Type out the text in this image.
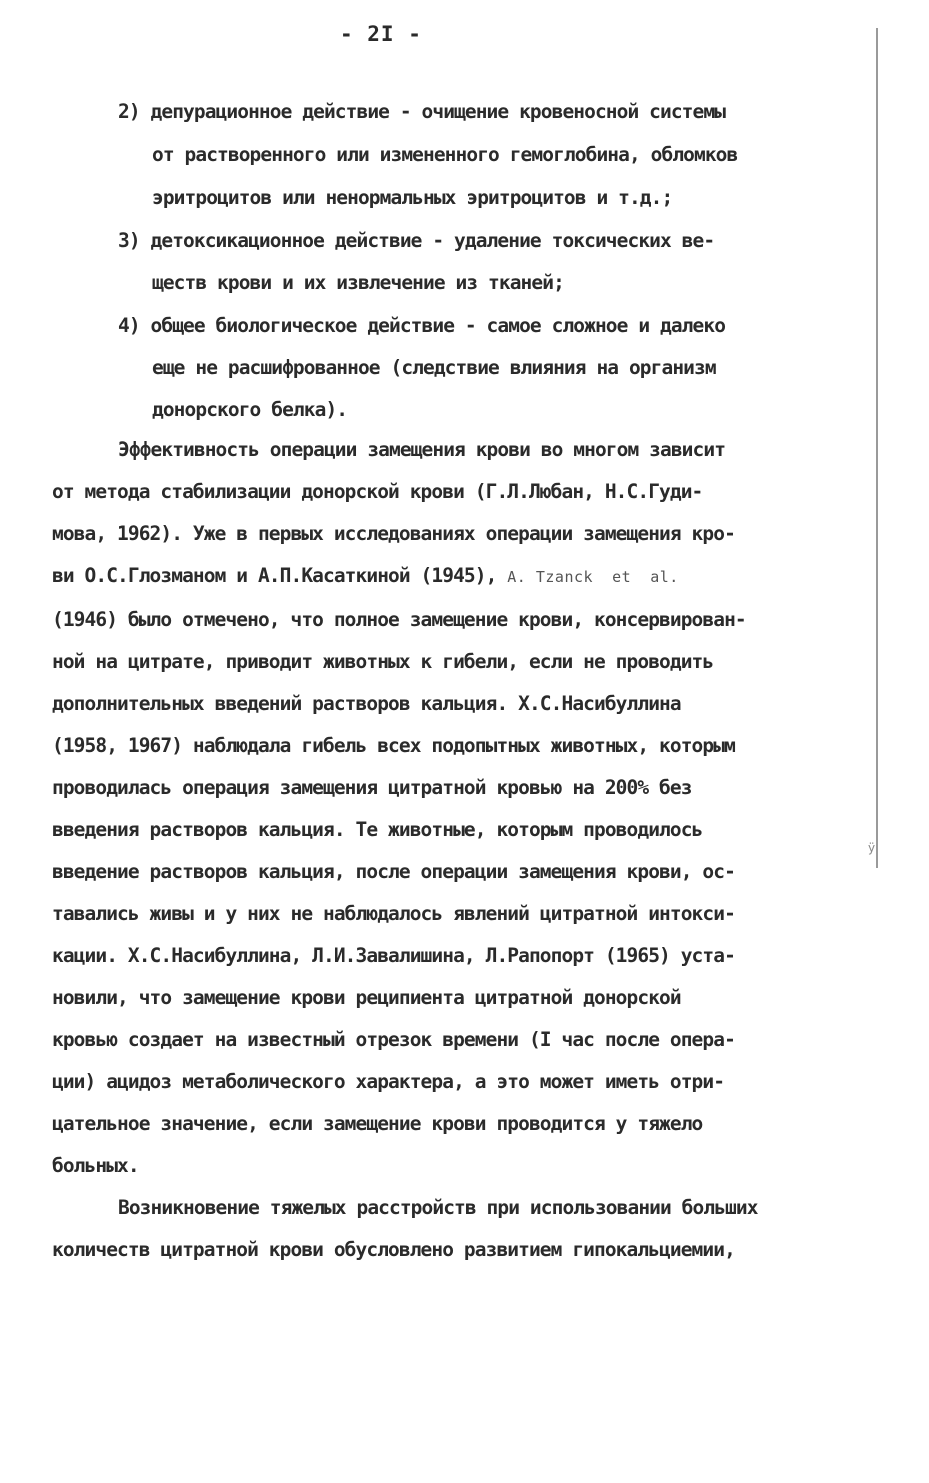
- 2I -
2) депурационное действие - очищение кровеносной системы
от растворенного или измененного гемоглобина, обломков
эритроцитов или ненормальных эритроцитов и т.д.;
3) детоксикационное действие - удаление токсических ве-
ществ крови и их извлечение из тканей;
4) общее биологическое действие - самое сложное и далеко
еще не расшифрованное (следствие влияния на организм
донорского белка).
Эффективность операции замещения крови во многом зависит
от метода стабилизации донорской крови (Г.Л.Любан, Н.С.Гуди-
мова, 1962). Уже в первых исследованиях операции замещения кро-
ви О.С.Глозманом и А.П.Касаткиной (1945), A. Tzanck  et  al.
(1946) было отмечено, что полное замещение крови, консервирован-
ной на цитрате, приводит животных к гибели, если не проводить
дополнительных введений растворов кальция. Х.С.Насибуллина
(1958, 1967) наблюдала гибель всех подопытных животных, которым
проводилась операция замещения цитратной кровью на 200% без
введения растворов кальция. Те животные, которым проводилось
введение растворов кальция, после операции замещения крови, ос-
тавались живы и у них не наблюдалось явлений цитратной интокси-
кации. Х.С.Насибуллина, Л.И.Завалишина, Л.Рапопорт (1965) уста-
новили, что замещение крови реципиента цитратной донорской
кровью создает на известный отрезок времени (I час после опера-
ции) ацидоз метаболического характера, а это может иметь отри-
цательное значение, если замещение крови проводится у тяжело
больных.
Возникновение тяжелых расстройств при использовании больших
количеств цитратной крови обусловлено развитием гипокальциемии,
ÿ
